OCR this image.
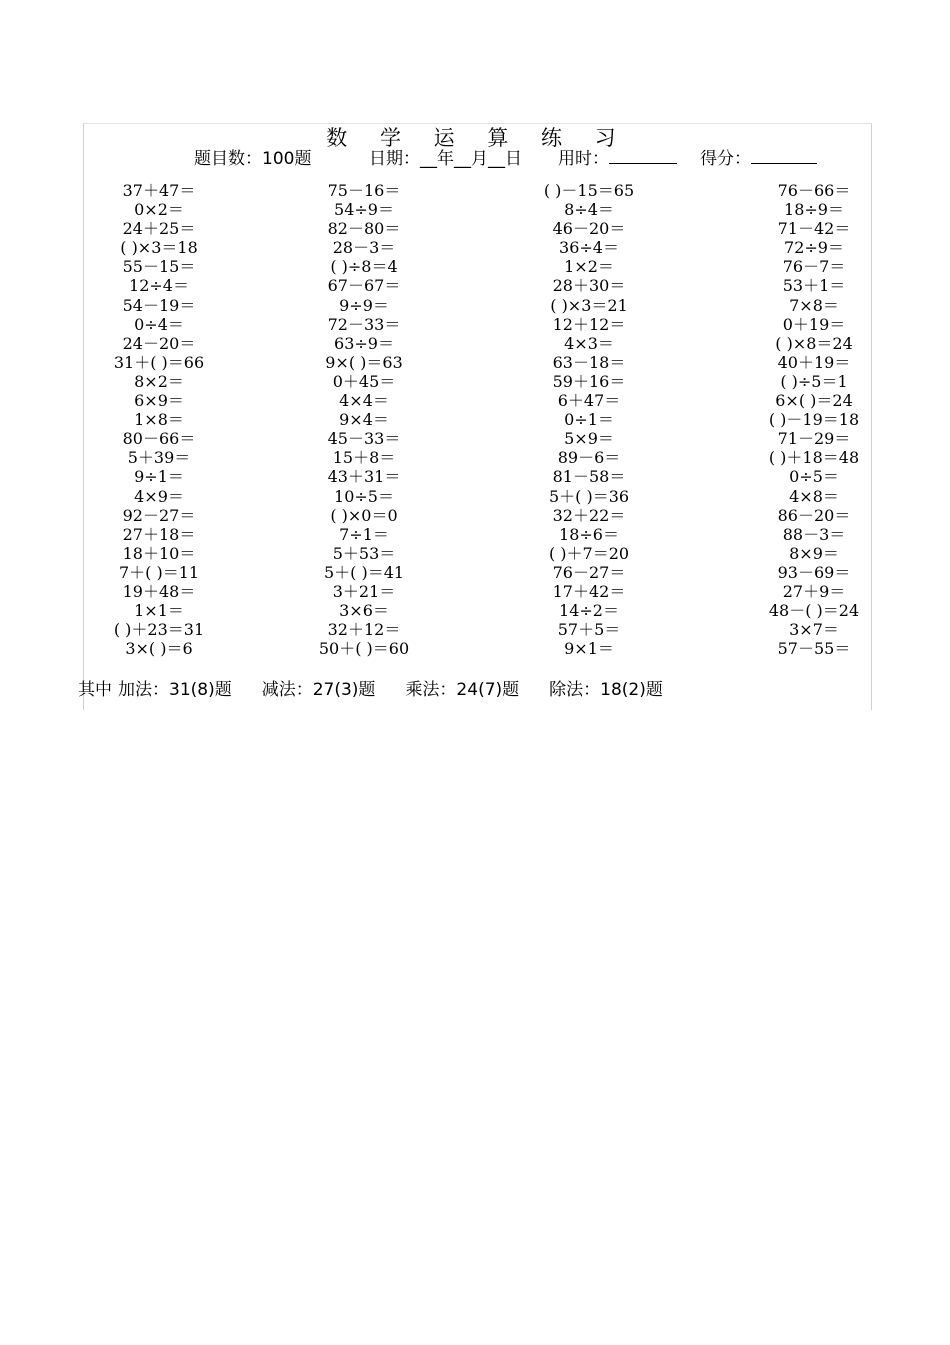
数 学 运 算 练 习
题目数：100题	日期：__年__月__日 用时：	得分：
37＋47＝
0×2＝
24＋25＝
( )×3＝18
55－15＝
12÷4＝
54－19＝
0÷4＝
24－20＝
31＋( )＝66
8×2＝
6×9＝
1×8＝
80－66＝
5＋39＝
9÷1＝
4×9＝
92－27＝
27＋18＝
18＋10＝
7＋( )＝11
19＋48＝
1×1＝
( )＋23＝31
3×( )＝6
75－16＝
54÷9＝
82－80＝
28－3＝
( )÷8＝4
67－67＝
9÷9＝
72－33＝
63÷9＝
9×( )＝63
0＋45＝
4×4＝
9×4＝
45－33＝
15＋8＝
43＋31＝
10÷5＝
( )×0＝0
7÷1＝
5＋53＝
5＋( )＝41
3＋21＝
3×6＝
32＋12＝
50＋( )＝60
( )－15＝65
8÷4＝
46－20＝
36÷4＝
1×2＝
28＋30＝
( )×3＝21
12＋12＝
4×3＝
63－18＝
59＋16＝
6＋47＝
0÷1＝
5×9＝
89－6＝
81－58＝
5＋( )＝36
32＋22＝
18÷6＝
( )＋7＝20
76－27＝
17＋42＝
14÷2＝
57＋5＝
9×1＝
76－66＝
18÷9＝
71－42＝
72÷9＝
76－7＝
53＋1＝
7×8＝
0＋19＝
( )×8＝24
40＋19＝
( )÷5＝1
6×( )＝24
( )－19＝18
71－29＝
( )＋18＝48
0÷5＝
4×8＝
86－20＝
88－3＝
8×9＝
93－69＝
27＋9＝
48－( )＝24
3×7＝
57－55＝
其中 加法：31(8)题 减法：27(3)题 乘法：24(7)题 除法：18(2)题
